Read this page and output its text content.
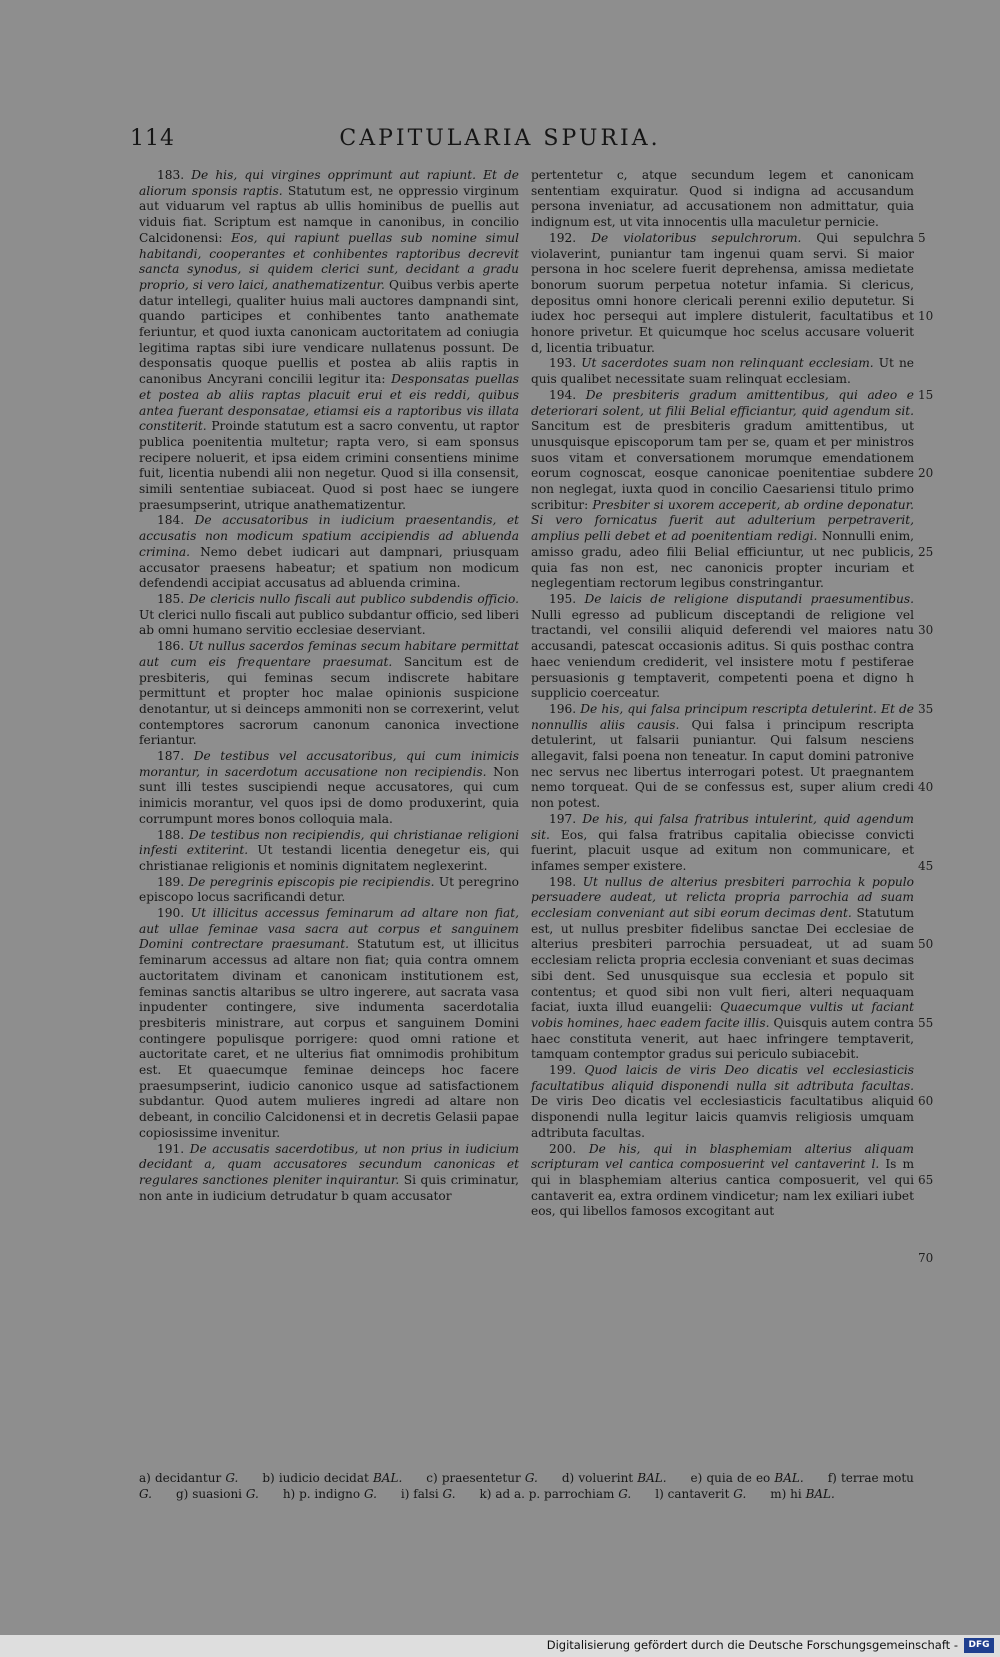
114	CAPITULARIA SPURIA.

183. De his, qui virgines opprimunt aut rapiunt. Et de aliorum sponsis raptis. Statutum est, ne oppressio virginum aut viduarum vel raptus ab ullis hominibus de puellis aut viduis fiat. Scriptum est namque in canonibus, in concilio Calcidonensi: Eos, qui rapiunt puellas sub nomine simul habitandi, cooperantes et conhibentes raptoribus decrevit sancta synodus, si quidem clerici sunt, decidant a gradu proprio, si vero laici, anathematizentur. Quibus verbis aperte datur intellegi, qualiter huius mali auctores dampnandi sint, quando participes et conhibentes tanto anathemate feriuntur, et quod iuxta canonicam auctoritatem ad coniugia legitima raptas sibi iure vendicare nullatenus possunt. De desponsatis quoque puellis et postea ab aliis raptis in canonibus Ancyrani concilii legitur ita: Desponsatas puellas et postea ab aliis raptas placuit erui et eis reddi, quibus antea fuerant desponsatae, etiamsi eis a raptoribus vis illata constiterit. Proinde statutum est a sacro conventu, ut raptor publica poenitentia multetur; rapta vero, si eam sponsus recipere noluerit, et ipsa eidem crimini consentiens minime fuit, licentia nubendi alii non negetur. Quod si illa consensit, simili sententiae subiaceat. Quod si post haec se iungere praesumpserint, utrique anathematizentur.

184. De accusatoribus in iudicium praesentandis, et accusatis non modicum spatium accipiendis ad abluenda crimina. Nemo debet iudicari aut dampnari, priusquam accusator praesens habeatur; et spatium non modicum defendendi accipiat accusatus ad abluenda crimina.

185. De clericis nullo fiscali aut publico subdendis officio. Ut clerici nullo fiscali aut publico subdantur officio, sed liberi ab omni humano servitio ecclesiae deserviant.

186. Ut nullus sacerdos feminas secum habitare permittat aut cum eis frequentare praesumat. Sancitum est de presbiteris, qui feminas secum indiscrete habitare permittunt et propter hoc malae opinionis suspicione denotantur, ut si deinceps ammoniti non se correxerint, velut contemptores sacrorum canonum canonica invectione feriantur.

187. De testibus vel accusatoribus, qui cum inimicis morantur, in sacerdotum accusatione non recipiendis. Non sunt illi testes suscipiendi neque accusatores, qui cum inimicis morantur, vel quos ipsi de domo produxerint, quia corrumpunt mores bonos colloquia mala.

188. De testibus non recipiendis, qui christianae religioni infesti extiterint. Ut testandi licentia denegetur eis, qui christianae religionis et nominis dignitatem neglexerint.

189. De peregrinis episcopis pie recipiendis. Ut peregrino episcopo locus sacrificandi detur.

190. Ut illicitus accessus feminarum ad altare non fiat, aut ullae feminae vasa sacra aut corpus et sanguinem Domini contrectare praesumant. Statutum est, ut illicitus feminarum accessus ad altare non fiat; quia contra omnem auctoritatem divinam et canonicam institutionem est, feminas sanctis altaribus se ultro ingerere, aut sacrata vasa inpudenter contingere, sive indumenta sacerdotalia presbiteris ministrare, aut corpus et sanguinem Domini contingere populisque porrigere: quod omni ratione et auctoritate caret, et ne ulterius fiat omnimodis prohibitum est. Et quaecumque feminae deinceps hoc facere praesumpserint, iudicio canonico usque ad satisfactionem subdantur. Quod autem mulieres ingredi ad altare non debeant, in concilio Calcidonensi et in decretis Gelasii papae copiosissime invenitur.

191. De accusatis sacerdotibus, ut non prius in iudicium decidant a, quam accusatores secundum canonicas et regulares sanctiones pleniter inquirantur. Si quis criminatur, non ante in iudicium detrudatur b quam accusator

pertentetur c, atque secundum legem et canonicam sententiam exquiratur. Quod si indigna ad accusandum persona inveniatur, ad accusationem non admittatur, quia indignum est, ut vita innocentis ulla maculetur pernicie.

192. De violatoribus sepulchrorum. Qui sepulchra violaverint, puniantur tam ingenui quam servi. Si maior persona in hoc scelere fuerit deprehensa, amissa medietate bonorum suorum perpetua notetur infamia. Si clericus, depositus omni honore clericali perenni exilio deputetur. Si iudex hoc persequi aut implere distulerit, facultatibus et honore privetur. Et quicumque hoc scelus accusare voluerit d, licentia tribuatur.

193. Ut sacerdotes suam non relinquant ecclesiam. Ut ne quis qualibet necessitate suam relinquat ecclesiam.

194. De presbiteris gradum amittentibus, qui adeo e deteriorari solent, ut filii Belial efficiantur, quid agendum sit. Sancitum est de presbiteris gradum amittentibus, ut unusquisque episcoporum tam per se, quam et per ministros suos vitam et conversationem morumque emendationem eorum cognoscat, eosque canonicae poenitentiae subdere non neglegat, iuxta quod in concilio Caesariensi titulo primo scribitur: Presbiter si uxorem acceperit, ab ordine deponatur. Si vero fornicatus fuerit aut adulterium perpetraverit, amplius pelli debet et ad poenitentiam redigi. Nonnulli enim, amisso gradu, adeo filii Belial efficiuntur, ut nec publicis, quia fas non est, nec canonicis propter incuriam et neglegentiam rectorum legibus constringantur.

195. De laicis de religione disputandi praesumentibus. Nulli egresso ad publicum disceptandi de religione vel tractandi, vel consilii aliquid deferendi vel maiores natu accusandi, patescat occasionis aditus. Si quis posthac contra haec veniendum crediderit, vel insistere motu f pestiferae persuasionis g temptaverit, competenti poena et digno h supplicio coerceatur.

196. De his, qui falsa principum rescripta detulerint. Et de nonnullis aliis causis. Qui falsa i principum rescripta detulerint, ut falsarii puniantur. Qui falsum nesciens allegavit, falsi poena non teneatur. In caput domini patronive nec servus nec libertus interrogari potest. Ut praegnantem nemo torqueat. Qui de se confessus est, super alium credi non potest.

197. De his, qui falsa fratribus intulerint, quid agendum sit. Eos, qui falsa fratribus capitalia obiecisse convicti fuerint, placuit usque ad exitum non communicare, et infames semper existere.

198. Ut nullus de alterius presbiteri parrochia k populo persuadere audeat, ut relicta propria parrochia ad suam ecclesiam conveniant aut sibi eorum decimas dent. Statutum est, ut nullus presbiter fidelibus sanctae Dei ecclesiae de alterius presbiteri parrochia persuadeat, ut ad suam ecclesiam relicta propria ecclesia conveniant et suas decimas sibi dent. Sed unusquisque sua ecclesia et populo sit contentus; et quod sibi non vult fieri, alteri nequaquam faciat, iuxta illud euangelii: Quaecumque vultis ut faciant vobis homines, haec eadem facite illis. Quisquis autem contra haec constituta venerit, aut haec infringere temptaverit, tamquam contemptor gradus sui periculo subiacebit.

199. Quod laicis de viris Deo dicatis vel ecclesiasticis facultatibus aliquid disponendi nulla sit adtributa facultas. De viris Deo dicatis vel ecclesiasticis facultatibus aliquid disponendi nulla legitur laicis quamvis religiosis umquam adtributa facultas.

200. De his, qui in blasphemiam alterius aliquam scripturam vel cantica composuerint vel cantaverint l. Is m qui in blasphemiam alterius cantica composuerit, vel qui cantaverit ea, extra ordinem vindicetur; nam lex exiliari iubet eos, qui libellos famosos excogitant aut

5
10
15
20
25
30
35
40
45
50
55
60
65
70
a) decidantur G.   b) iudicio decidat BAL.   c) praesentetur G.   d) voluerint BAL.   e) quia de eo BAL.   f) terrae motu G.   g) suasioni G.   h) p. indigno G.   i) falsi G.   k) ad a. p. parrochiam G.   l) cantaverit G.   m) hi BAL.  
Digitalisierung gefördert durch die Deutsche Forschungsgemeinschaft -	DFG
